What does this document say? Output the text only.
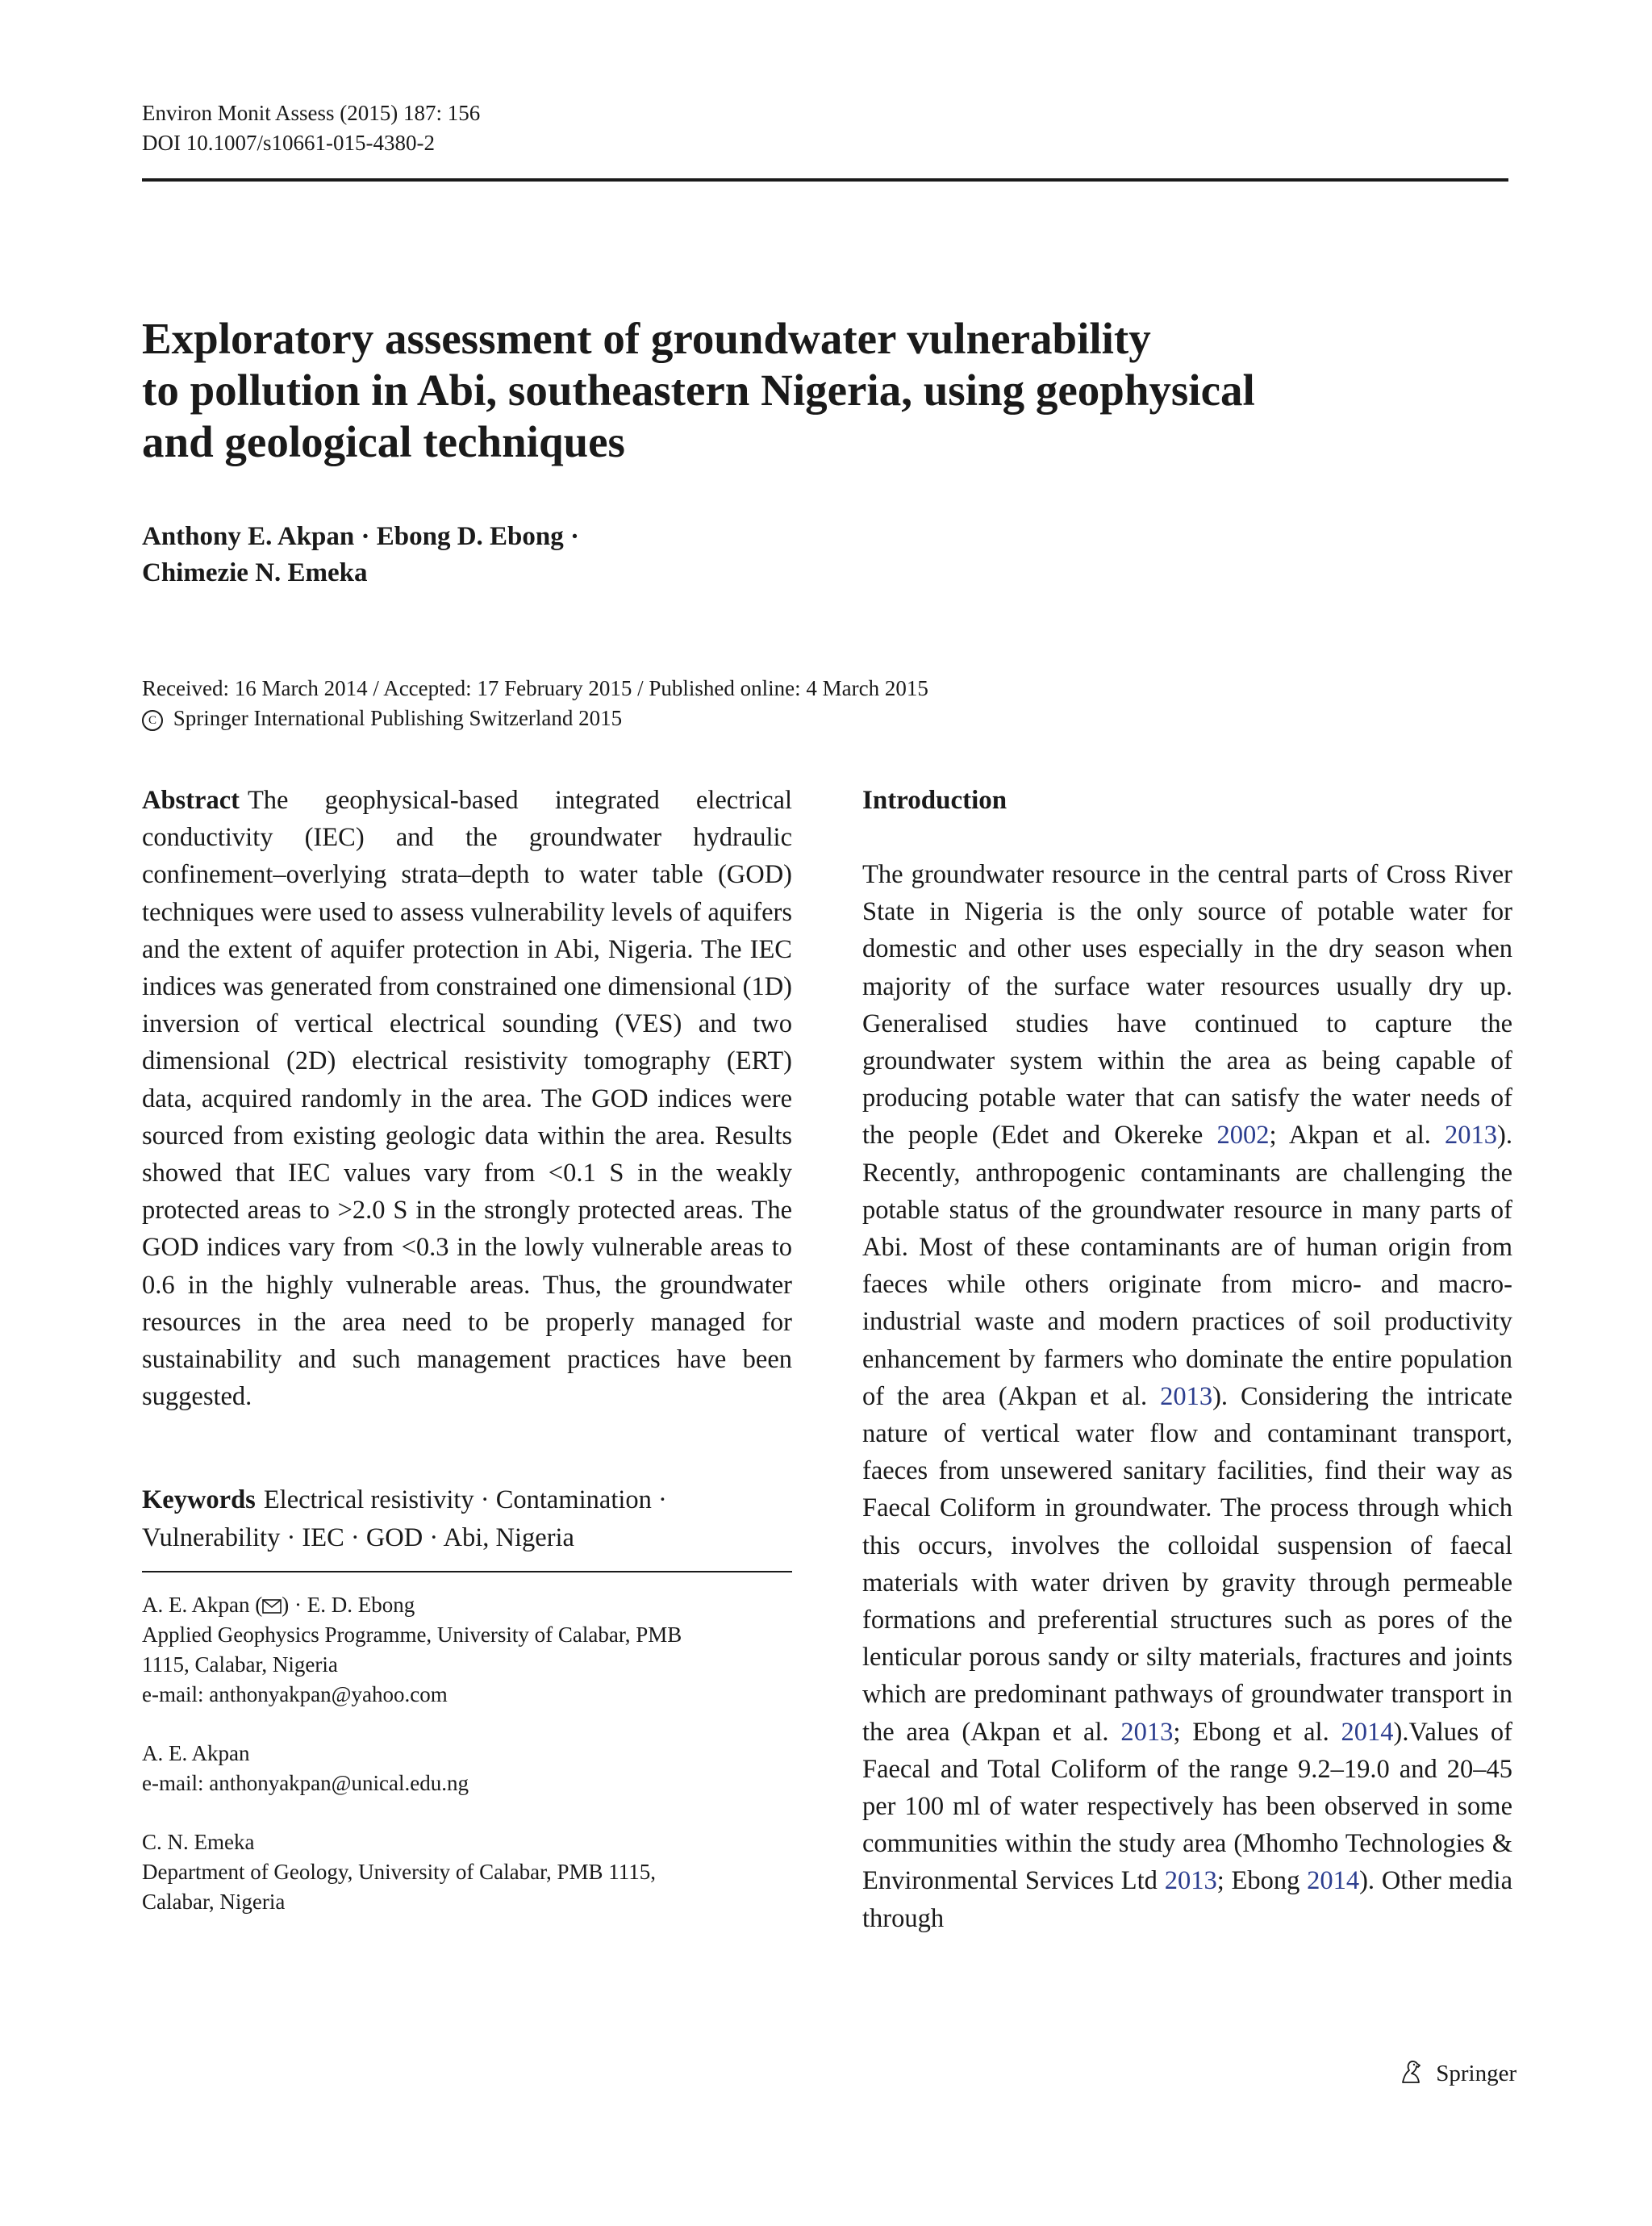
Environ Monit Assess (2015) 187: 156
DOI 10.1007/s10661-015-4380-2
Exploratory assessment of groundwater vulnerability
to pollution in Abi, southeastern Nigeria, using geophysical
and geological techniques
Anthony E. Akpan · Ebong D. Ebong ·
Chimezie N. Emeka
Received: 16 March 2014 / Accepted: 17 February 2015 / Published online: 4 March 2015
C Springer International Publishing Switzerland 2015

Abstract The geophysical-based integrated electrical conductivity (IEC) and the groundwater hydraulic confinement–overlying strata–depth to water table (GOD) techniques were used to assess vulnerability levels of aquifers and the extent of aquifer protection in Abi, Nigeria. The IEC indices was generated from constrained one dimensional (1D) inversion of vertical electrical sounding (VES) and two dimensional (2D) electrical resistivity tomography (ERT) data, acquired randomly in the area. The GOD indices were sourced from existing geologic data within the area. Results showed that IEC values vary from <0.1 S in the weakly protected areas to >2.0 S in the strongly protected areas. The GOD indices vary from <0.3 in the lowly vulnerable areas to 0.6 in the highly vulnerable areas. Thus, the groundwater resources in the area need to be properly managed for sustainability and such management practices have been suggested.

Keywords Electrical resistivity · Contamination · Vulnerability · IEC · GOD · Abi, Nigeria
A. E. Akpan ( ) · E. D. Ebong
Applied Geophysics Programme, University of Calabar, PMB
1115, Calabar, Nigeria
e-mail: anthonyakpan@yahoo.com
A. E. Akpan
e-mail: anthonyakpan@unical.edu.ng
C. N. Emeka
Department of Geology, University of Calabar, PMB 1115,
Calabar, Nigeria
Introduction

The groundwater resource in the central parts of Cross River State in Nigeria is the only source of potable water for domestic and other uses especially in the dry season when majority of the surface water resources usually dry up. Generalised studies have continued to capture the groundwater system within the area as being capable of producing potable water that can satisfy the water needs of the people (Edet and Okereke 2002; Akpan et al. 2013). Recently, anthropogenic contaminants are challenging the potable status of the groundwater resource in many parts of Abi. Most of these contaminants are of human origin from faeces while others originate from micro- and macro-industrial waste and modern practices of soil productivity enhancement by farmers who dominate the entire population of the area (Akpan et al. 2013). Considering the intricate nature of vertical water flow and contaminant transport, faeces from unsewered sanitary facilities, find their way as Faecal Coliform in groundwater. The process through which this occurs, involves the colloidal suspension of faecal materials with water driven by gravity through permeable formations and preferential structures such as pores of the lenticular porous sandy or silty materials, fractures and joints which are predominant pathways of groundwater transport in the area (Akpan et al. 2013; Ebong et al. 2014).Values of Faecal and Total Coliform of the range 9.2–19.0 and 20–45 per 100 ml of water respectively has been observed in some communities within the study area (Mhomho Technologies & Environmental Services Ltd 2013; Ebong 2014). Other media through

Springer
